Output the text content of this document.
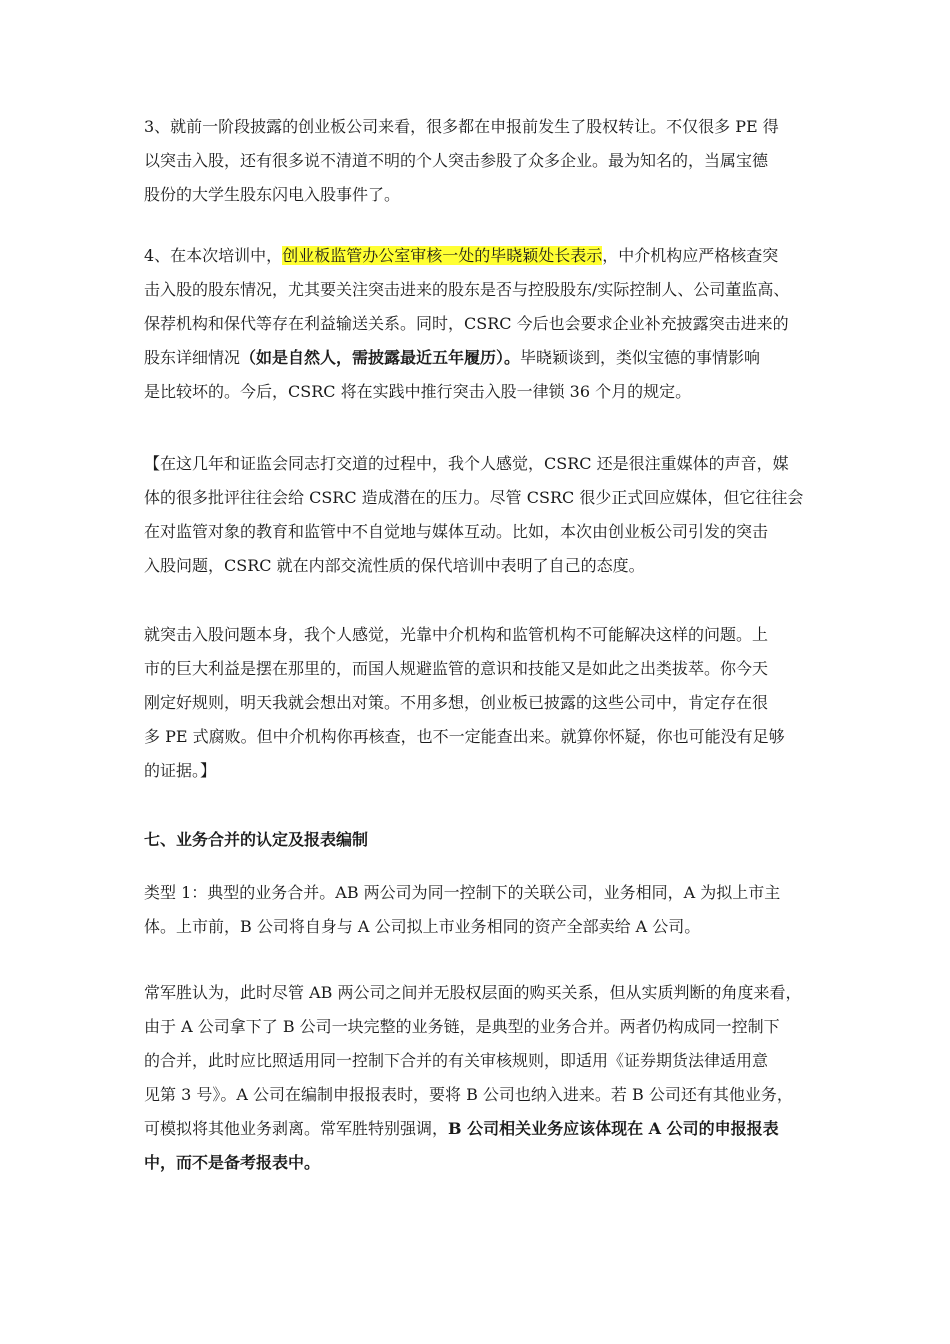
3、就前一阶段披露的创业板公司来看，很多都在申报前发生了股权转让。不仅很多 PE 得
以突击入股，还有很多说不清道不明的个人突击参股了众多企业。最为知名的，当属宝德
股份的大学生股东闪电入股事件了。
4、在本次培训中，创业板监管办公室审核一处的毕晓颖处长表示，中介机构应严格核查突
击入股的股东情况，尤其要关注突击进来的股东是否与控股股东/实际控制人、公司董监高、
保荐机构和保代等存在利益输送关系。同时，CSRC 今后也会要求企业补充披露突击进来的
股东详细情况（如是自然人，需披露最近五年履历）。毕晓颖谈到，类似宝德的事情影响
是比较坏的。今后，CSRC 将在实践中推行突击入股一律锁 36 个月的规定。
【在这几年和证监会同志打交道的过程中，我个人感觉，CSRC 还是很注重媒体的声音，媒
体的很多批评往往会给 CSRC 造成潜在的压力。尽管 CSRC 很少正式回应媒体，但它往往会
在对监管对象的教育和监管中不自觉地与媒体互动。比如，本次由创业板公司引发的突击
入股问题，CSRC 就在内部交流性质的保代培训中表明了自己的态度。
就突击入股问题本身，我个人感觉，光靠中介机构和监管机构不可能解决这样的问题。上
市的巨大利益是摆在那里的，而国人规避监管的意识和技能又是如此之出类拔萃。你今天
刚定好规则，明天我就会想出对策。不用多想，创业板已披露的这些公司中，肯定存在很
多 PE 式腐败。但中介机构你再核查，也不一定能查出来。就算你怀疑，你也可能没有足够
的证据。】
七、业务合并的认定及报表编制
类型 1：典型的业务合并。AB 两公司为同一控制下的关联公司，业务相同，A 为拟上市主
体。上市前，B 公司将自身与 A 公司拟上市业务相同的资产全部卖给 A 公司。
常军胜认为，此时尽管 AB 两公司之间并无股权层面的购买关系，但从实质判断的角度来看，
由于 A 公司拿下了 B 公司一块完整的业务链，是典型的业务合并。两者仍构成同一控制下
的合并，此时应比照适用同一控制下合并的有关审核规则，即适用《证券期货法律适用意
见第 3 号》。A 公司在编制申报报表时，要将 B 公司也纳入进来。若 B 公司还有其他业务，
可模拟将其他业务剥离。常军胜特别强调，B 公司相关业务应该体现在 A 公司的申报报表
中，而不是备考报表中。
